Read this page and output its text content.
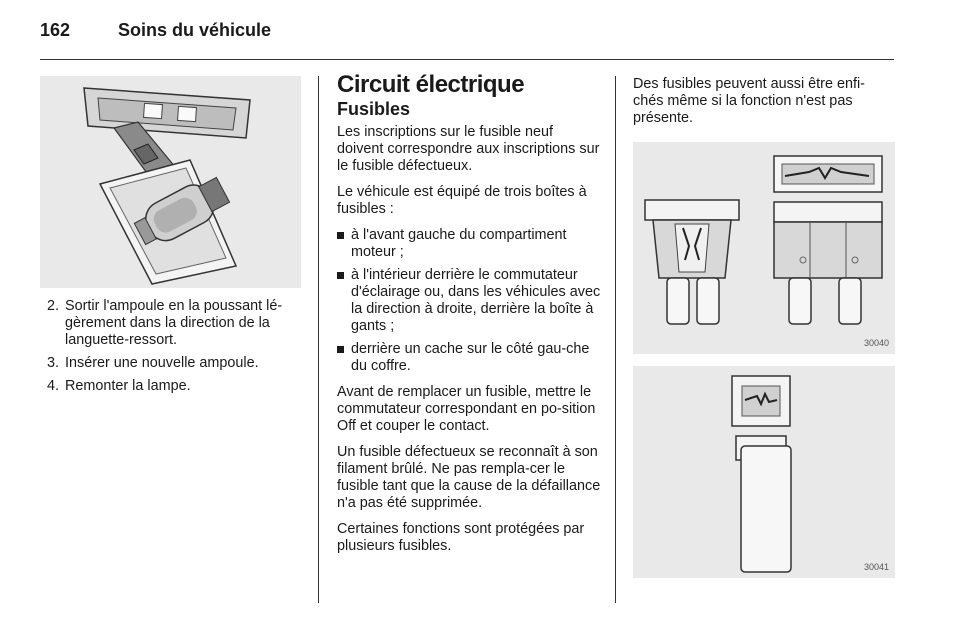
162	Soins du véhicule
2. Sortir l'ampoule en la poussant lé-gèrement dans la direction de la languette-ressort.
3. Insérer une nouvelle ampoule.
4. Remonter la lampe.
Circuit électrique
Fusibles

Les inscriptions sur le fusible neuf doivent correspondre aux inscriptions sur le fusible défectueux.

Le véhicule est équipé de trois boîtes à fusibles :

à l'avant gauche du compartiment moteur ;
à l'intérieur derrière le commutateur d'éclairage ou, dans les véhicules avec la direction à droite, derrière la boîte à gants ;
derrière un cache sur le côté gau-che du coffre.

Avant de remplacer un fusible, mettre le commutateur correspondant en po-sition Off et couper le contact.

Un fusible défectueux se reconnaît à son filament brûlé. Ne pas rempla-cer le fusible tant que la cause de la défaillance n'a pas été supprimée.

Certaines fonctions sont protégées par plusieurs fusibles.

Des fusibles peuvent aussi être enfi-chés même si la fonction n'est pas présente.

30040
30041
